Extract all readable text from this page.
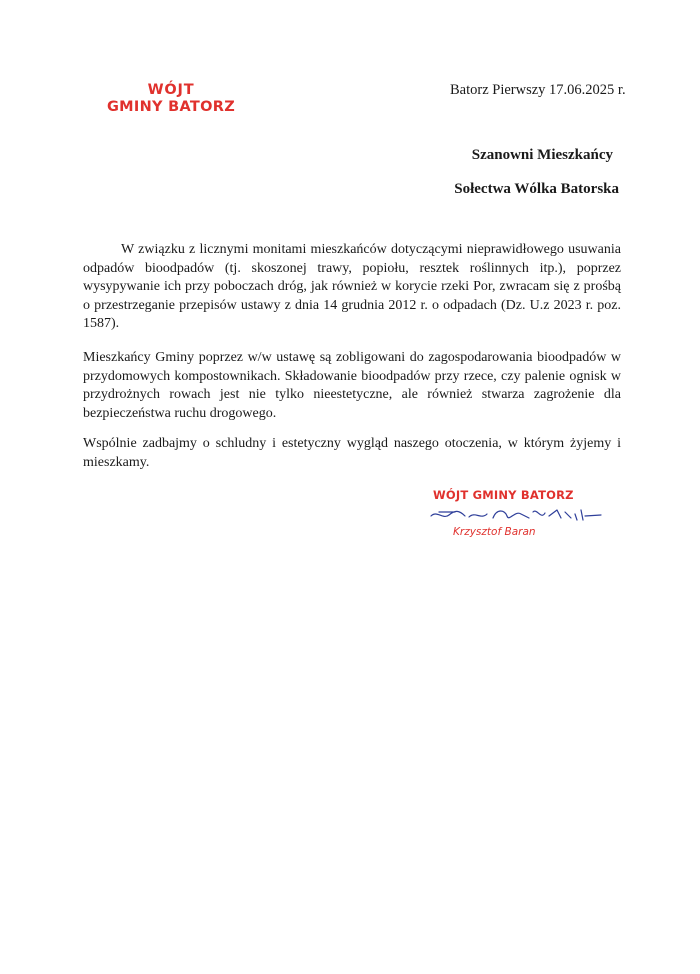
WÓJT
GMINY BATORZ
Batorz Pierwszy 17.06.2025 r.
Szanowni Mieszkańcy
Sołectwa Wólka Batorska

W związku z licznymi monitami mieszkańców dotyczącymi nieprawidłowego usuwania odpadów bioodpadów (tj. skoszonej trawy, popiołu, resztek roślinnych itp.), poprzez wysypywanie ich przy poboczach dróg, jak również w korycie rzeki Por, zwracam się z prośbą o przestrzeganie przepisów ustawy z dnia 14 grudnia 2012 r. o odpadach (Dz. U.z 2023 r. poz. 1587).

Mieszkańcy Gminy poprzez w/w ustawę są zobligowani do zagospodarowania bioodpadów w przydomowych kompostownikach. Składowanie bioodpadów przy rzece, czy palenie ognisk w przydrożnych rowach jest nie tylko nieestetyczne, ale również stwarza zagrożenie dla bezpieczeństwa ruchu drogowego.

Wspólnie zadbajmy o schludny i estetyczny wygląd naszego otoczenia, w którym żyjemy i mieszkamy.

WÓJT GMINY BATORZ
Krzysztof Baran
